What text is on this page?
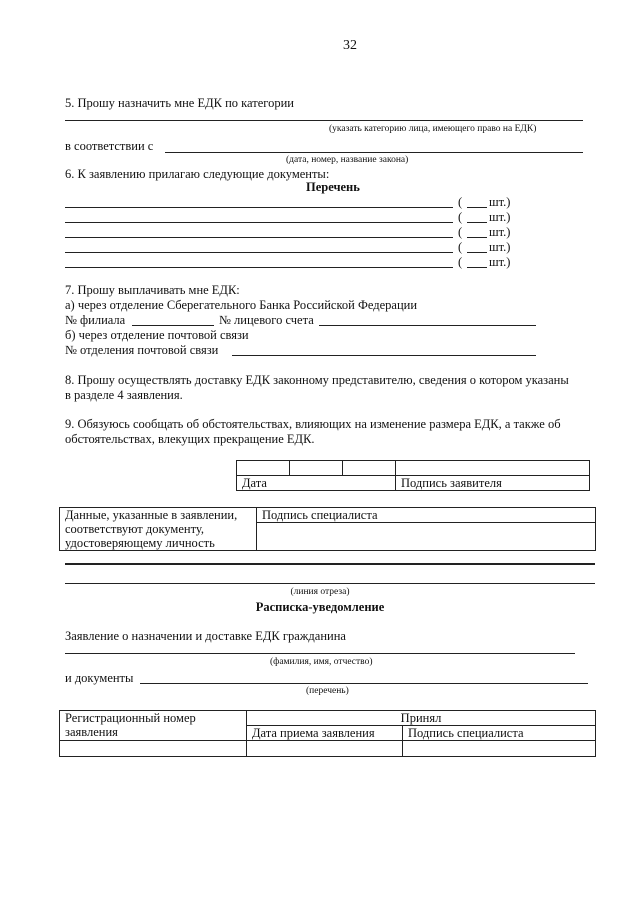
32
5. Прошу назначить мне ЕДК по категории
(указать категорию лица, имеющего право на ЕДК)
в соответствии с
(дата, номер, название закона)
6. К заявлению прилагаю следующие документы:
Перечень
( шт.)
( шт.)
( шт.)
( шт.)
( шт.)
7. Прошу выплачивать мне ЕДК:
а) через отделение Сберегательного Банка Российской Федерации
№ филиала	№ лицевого счета
б) через отделение почтовой связи
№ отделения почтовой связи
8. Прошу осуществлять доставку ЕДК законному представителю, сведения о котором указаны
в разделе 4 заявления.
9. Обязуюсь сообщать об обстоятельствах, влияющих на изменение размера ЕДК, а также об
обстоятельствах, влекущих прекращение ЕДК.

Дата			Подпись заявителя
Данные, указанные в заявлении,
соответствуют документу,
удостоверяющему личность
	Подпись специалиста

(линия отреза)
Расписка-уведомление
Заявление о назначении и доставке ЕДК гражданина
(фамилия, имя, отчество)
и документы
(перечень)
Регистрационный номер
заявления	Принял	
	Дата приема заявления	Подпись специалиста
